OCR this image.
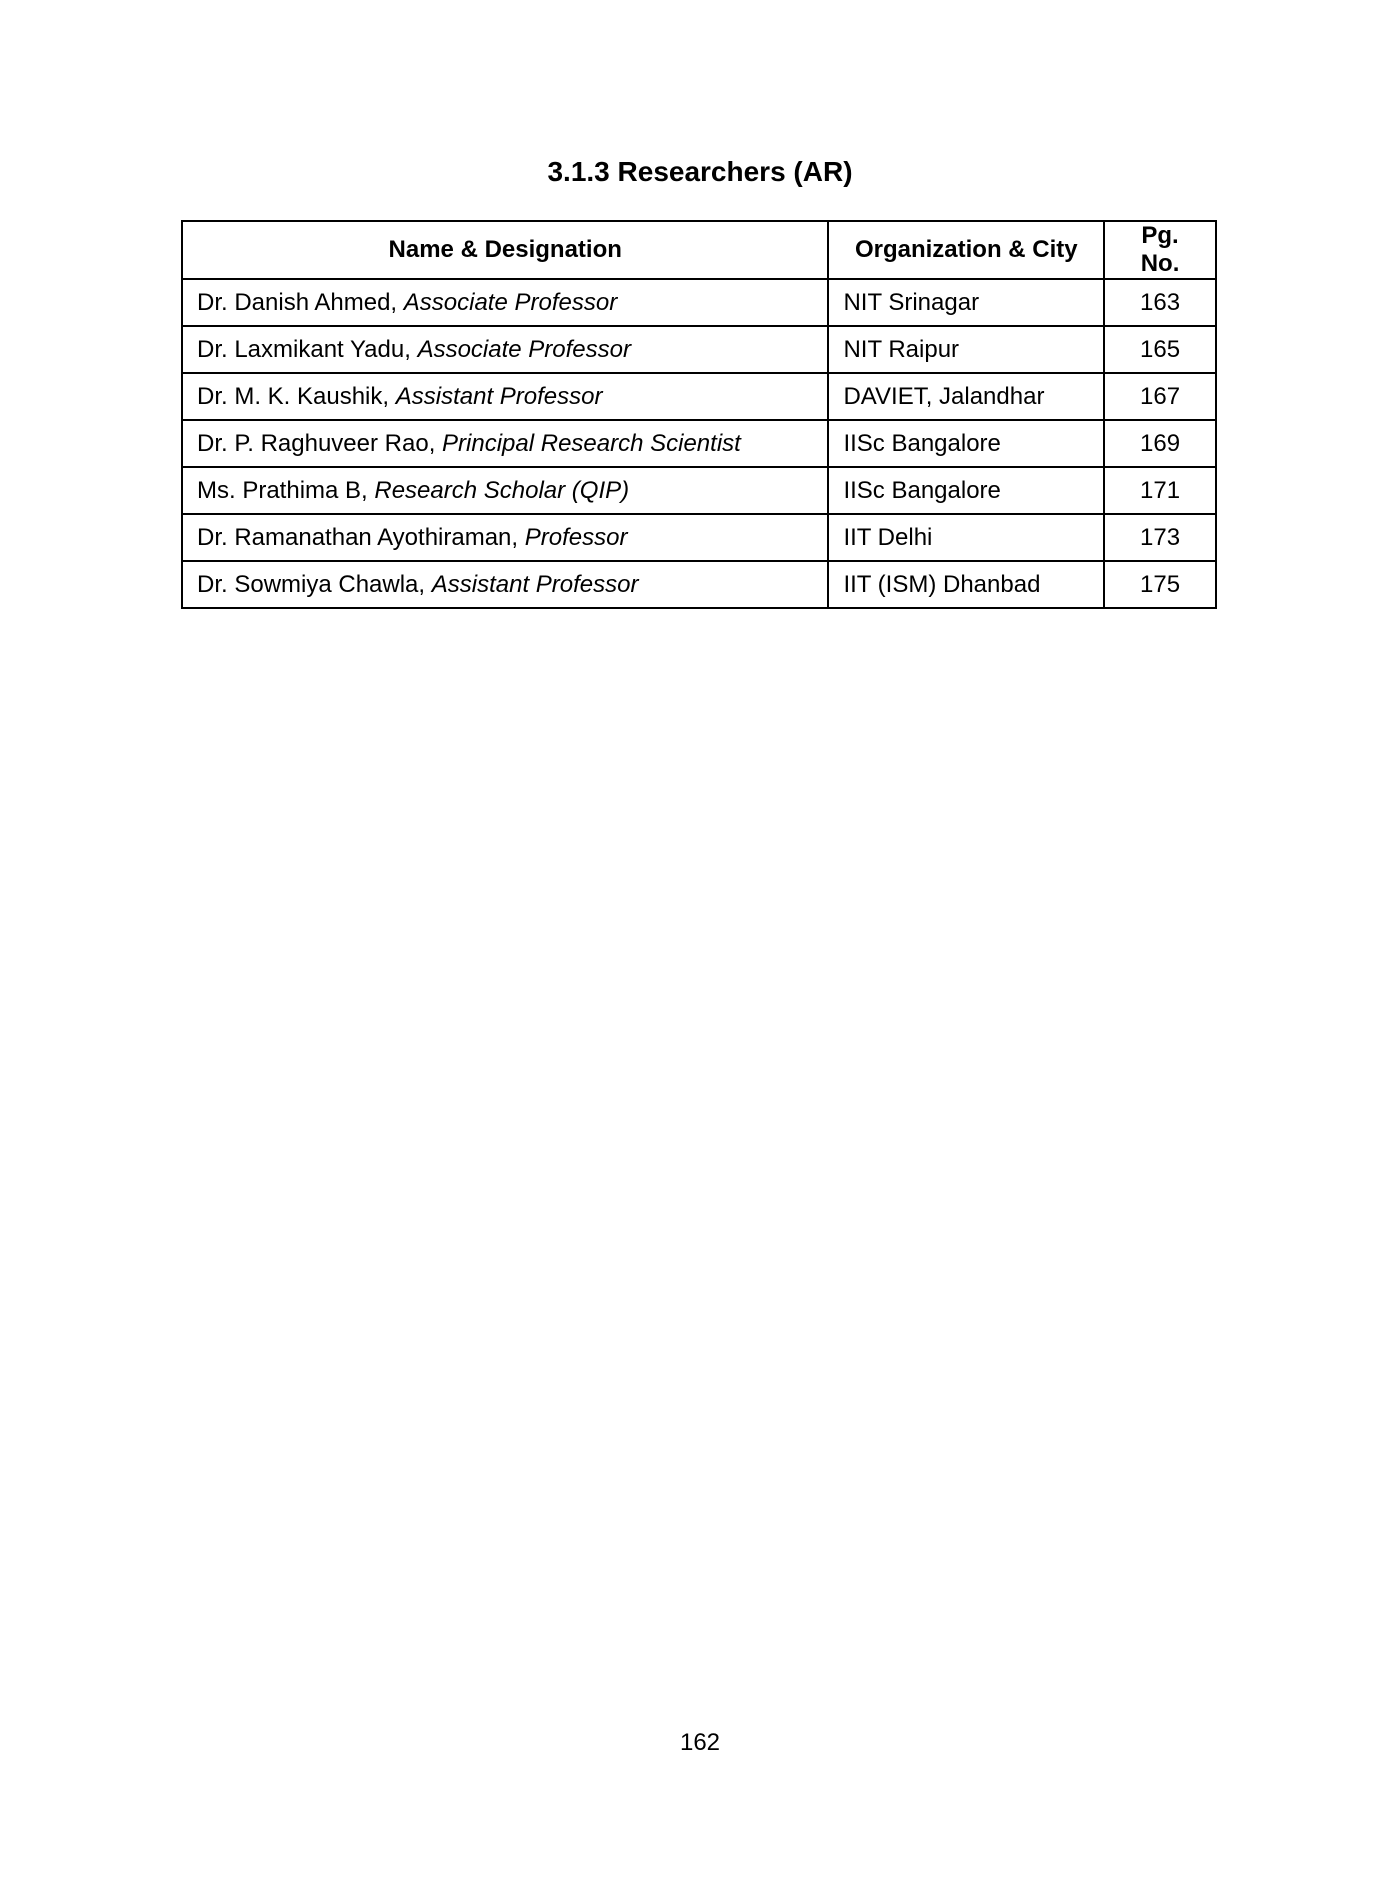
3.1.3 Researchers (AR)
Name & Designation	Organization & City	Pg. No.
Dr. Danish Ahmed, Associate Professor	NIT Srinagar	163
Dr. Laxmikant Yadu, Associate Professor	NIT Raipur	165
Dr. M. K. Kaushik, Assistant Professor	DAVIET, Jalandhar	167
Dr. P. Raghuveer Rao, Principal Research Scientist	IISc Bangalore	169
Ms. Prathima B, Research Scholar (QIP)	IISc Bangalore	171
Dr. Ramanathan Ayothiraman, Professor	IIT Delhi	173
Dr. Sowmiya Chawla, Assistant Professor	IIT (ISM) Dhanbad	175
162
